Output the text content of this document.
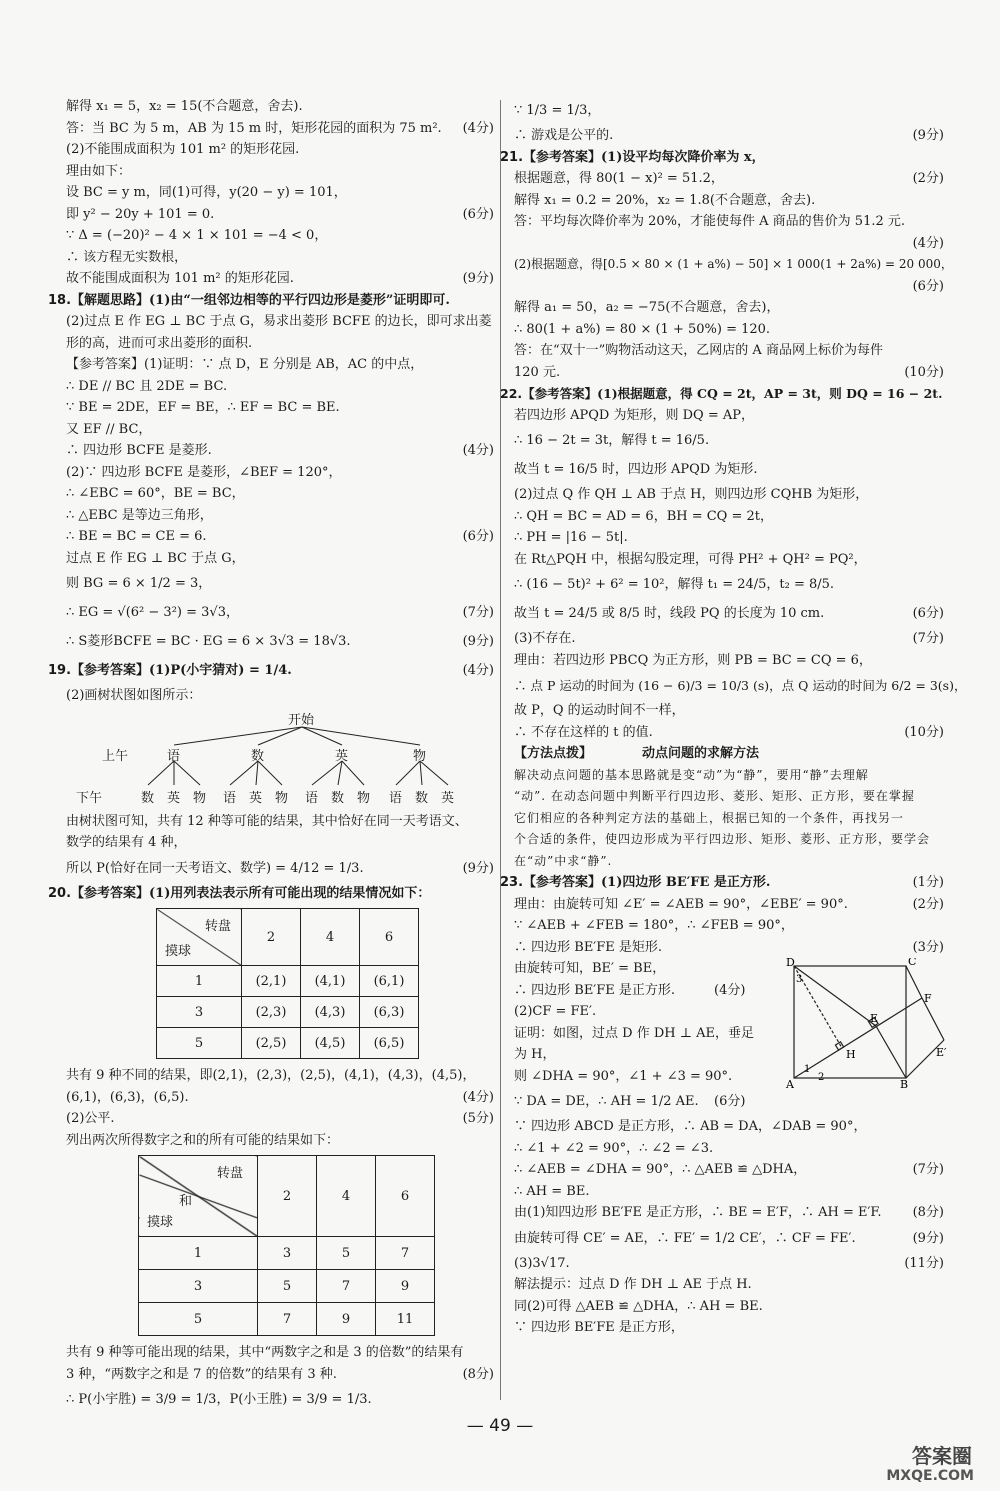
解得 x₁ = 5，x₂ = 15(不合题意，舍去).
答：当 BC 为 5 m，AB 为 15 m 时，矩形花园的面积为 75 m². (4分)
(2)不能围成面积为 101 m² 的矩形花园.
理由如下：
设 BC = y m，同(1)可得，y(20 − y) = 101，
即 y² − 20y + 101 = 0.	(6分)
∵ Δ = (−20)² − 4 × 1 × 101 = −4 < 0，
∴ 该方程无实数根，
故不能围成面积为 101 m² 的矩形花园.	(9分)
18.【解题思路】(1)由“一组邻边相等的平行四边形是菱形”证明即可.
(2)过点 E 作 EG ⊥ BC 于点 G，易求出菱形 BCFE 的边长，即可求出菱
形的高，进而可求出菱形的面积.
【参考答案】(1)证明：∵ 点 D，E 分别是 AB，AC 的中点，
∴ DE // BC 且 2DE = BC.
∵ BE = 2DE，EF = BE，∴ EF = BC = BE.
又 EF // BC，
∴ 四边形 BCFE 是菱形.	(4分)
(2)∵ 四边形 BCFE 是菱形，∠BEF = 120°，
∴ ∠EBC = 60°，BE = BC，
∴ △EBC 是等边三角形，
∴ BE = BC = CE = 6.	(6分)
过点 E 作 EG ⊥ BC 于点 G，
则 BG = 6 × 1/2 = 3，
∴ EG = √(6² − 3²) = 3√3，	(7分)
∴ S菱形BCFE = BC · EG = 6 × 3√3 = 18√3.	(9分)
19.【参考答案】(1)P(小宇猜对) = 1/4.	(4分)
(2)画树状图如图所示：
开始
上午	语	数	英	物
下午	数 英 物 语 英 物 语 数 物 语 数 英
由树状图可知，共有 12 种等可能的结果，其中恰好在同一天考语文、
数学的结果有 4 种，
所以 P(恰好在同一天考语文、数学) = 4/12 = 1/3.	(9分)
20.【参考答案】(1)用列表法表示所有可能出现的结果情况如下：
转盘
摸球	2	4	6
1	(2,1)	(4,1)	(6,1)
3	(2,3)	(4,3)	(6,3)
5	(2,5)	(4,5)	(6,5)
共有 9 种不同的结果，即(2,1)，(2,3)，(2,5)，(4,1)，(4,3)，(4,5)，
(6,1)，(6,3)，(6,5).	(4分)
(2)公平.	(5分)
列出两次所得数字之和的所有可能的结果如下：
转盘
和
摸球	2	4	6
1	3	5	7
3	5	7	9
5	7	9	11
共有 9 种等可能出现的结果，其中“两数字之和是 3 的倍数”的结果有
3 种，“两数字之和是 7 的倍数”的结果有 3 种.	(8分)
∴ P(小宇胜) = 3/9 = 1/3，P(小王胜) = 3/9 = 1/3.
∵ 1/3 = 1/3，
∴ 游戏是公平的.	(9分)
21.【参考答案】(1)设平均每次降价率为 x，
根据题意，得 80(1 − x)² = 51.2，	(2分)
解得 x₁ = 0.2 = 20%，x₂ = 1.8(不合题意，舍去).
答：平均每次降价率为 20%，才能使每件 A 商品的售价为 51.2 元.
(4分)
(2)根据题意，得[0.5 × 80 × (1 + a%) − 50] × 1 000(1 + 2a%) = 20 000，
(6分)
解得 a₁ = 50，a₂ = −75(不合题意，舍去)，
∴ 80(1 + a%) = 80 × (1 + 50%) = 120.
答：在“双十一”购物活动这天，乙网店的 A 商品网上标价为每件
120 元.	(10分)
22.【参考答案】(1)根据题意，得 CQ = 2t，AP = 3t，则 DQ = 16 − 2t.
若四边形 APQD 为矩形，则 DQ = AP，
∴ 16 − 2t = 3t，解得 t = 16/5.
故当 t = 16/5 时，四边形 APQD 为矩形.
(2)过点 Q 作 QH ⊥ AB 于点 H，则四边形 CQHB 为矩形，
∴ QH = BC = AD = 6，BH = CQ = 2t，
∴ PH = |16 − 5t|.
在 Rt△PQH 中，根据勾股定理，可得 PH² + QH² = PQ²，
∴ (16 − 5t)² + 6² = 10²，解得 t₁ = 24/5，t₂ = 8/5.
故当 t = 24/5 或 8/5 时，线段 PQ 的长度为 10 cm.	(6分)
(3)不存在.	(7分)
理由：若四边形 PBCQ 为正方形，则 PB = BC = CQ = 6，
∴ 点 P 运动的时间为 (16 − 6)/3 = 10/3 (s)，点 Q 运动的时间为 6/2 = 3(s)，
故 P，Q 的运动时间不一样，
∴ 不存在这样的 t 的值.	(10分)
【方法点拨】	动点问题的求解方法
解决动点问题的基本思路就是变“动”为“静”，要用“静”去理解
“动”. 在动态问题中判断平行四边形、菱形、矩形、正方形，要在掌握
它们相应的各种判定方法的基础上，根据已知的一个条件，再找另一
个合适的条件，使四边形成为平行四边形、矩形、菱形、正方形，要学会
在“动”中求“静”.
23.【参考答案】(1)四边形 BE′FE 是正方形.	(1分)
理由：由旋转可知 ∠E′ = ∠AEB = 90°，∠EBE′ = 90°.	(2分)
∵ ∠AEB + ∠FEB = 180°，∴ ∠FEB = 90°，
∴ 四边形 BE′FE 是矩形.	(3分)
D	C
F
E
E′
H
A	B
1
2
3
由旋转可知，BE′ = BE，
∴ 四边形 BE′FE 是正方形.	(4分)
(2)CF = FE′.
证明：如图，过点 D 作 DH ⊥ AE，垂足
为 H，
则 ∠DHA = 90°，∠1 + ∠3 = 90°.
∵ DA = DE，∴ AH = 1/2 AE. (6分)
∵ 四边形 ABCD 是正方形，∴ AB = DA，∠DAB = 90°，
∴ ∠1 + ∠2 = 90°，∴ ∠2 = ∠3.
∴ ∠AEB = ∠DHA = 90°，∴ △AEB ≌ △DHA，	(7分)
∴ AH = BE.
由(1)知四边形 BE′FE 是正方形，∴ BE = E′F，∴ AH = E′F. (8分)
由旋转可得 CE′ = AE，∴ FE′ = 1/2 CE′，∴ CF = FE′.	(9分)
(3)3√17.	(11分)
解法提示：过点 D 作 DH ⊥ AE 于点 H.
同(2)可得 △AEB ≌ △DHA，∴ AH = BE.
∵ 四边形 BE′FE 是正方形，
— 49 —
答案圈
MXQE.COM
